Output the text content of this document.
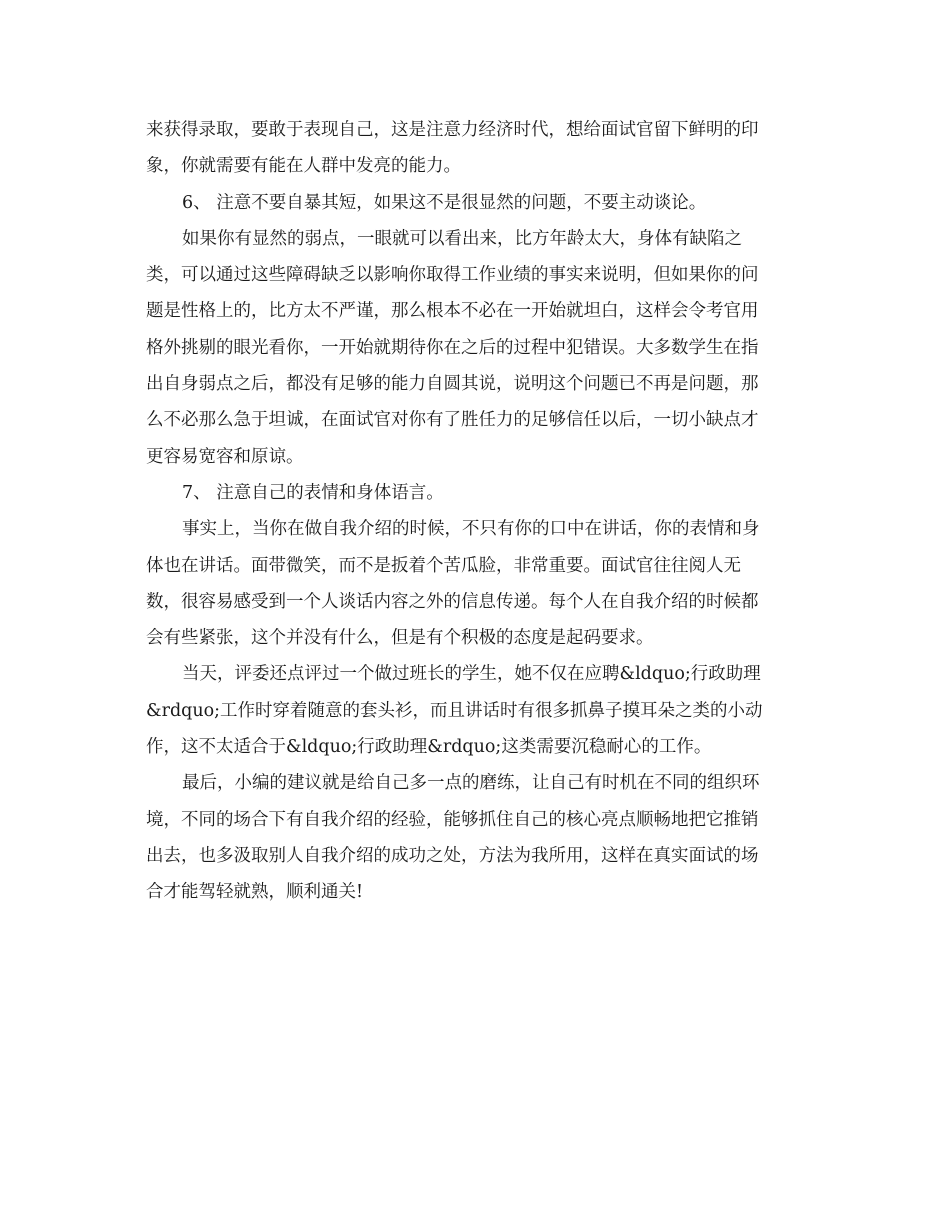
来获得录取，要敢于表现自己，这是注意力经济时代，想给面试官留下鲜明的印
象，你就需要有能在人群中发亮的能力。
6、 注意不要自暴其短，如果这不是很显然的问题，不要主动谈论。
如果你有显然的弱点，一眼就可以看出来，比方年龄太大，身体有缺陷之
类，可以通过这些障碍缺乏以影响你取得工作业绩的事实来说明，但如果你的问
题是性格上的，比方太不严谨，那么根本不必在一开始就坦白，这样会令考官用
格外挑剔的眼光看你，一开始就期待你在之后的过程中犯错误。大多数学生在指
出自身弱点之后，都没有足够的能力自圆其说，说明这个问题已不再是问题，那
么不必那么急于坦诚，在面试官对你有了胜任力的足够信任以后，一切小缺点才
更容易宽容和原谅。
7、 注意自己的表情和身体语言。
事实上，当你在做自我介绍的时候，不只有你的口中在讲话，你的表情和身
体也在讲话。面带微笑，而不是扳着个苦瓜脸，非常重要。面试官往往阅人无
数，很容易感受到一个人谈话内容之外的信息传递。每个人在自我介绍的时候都
会有些紧张，这个并没有什么，但是有个积极的态度是起码要求。
当天，评委还点评过一个做过班长的学生，她不仅在应聘&ldquo;行政助理
&rdquo;工作时穿着随意的套头衫，而且讲话时有很多抓鼻子摸耳朵之类的小动
作，这不太适合于&ldquo;行政助理&rdquo;这类需要沉稳耐心的工作。
最后，小编的建议就是给自己多一点的磨练，让自己有时机在不同的组织环
境，不同的场合下有自我介绍的经验，能够抓住自己的核心亮点顺畅地把它推销
出去，也多汲取别人自我介绍的成功之处，方法为我所用，这样在真实面试的场
合才能驾轻就熟，顺利通关!
